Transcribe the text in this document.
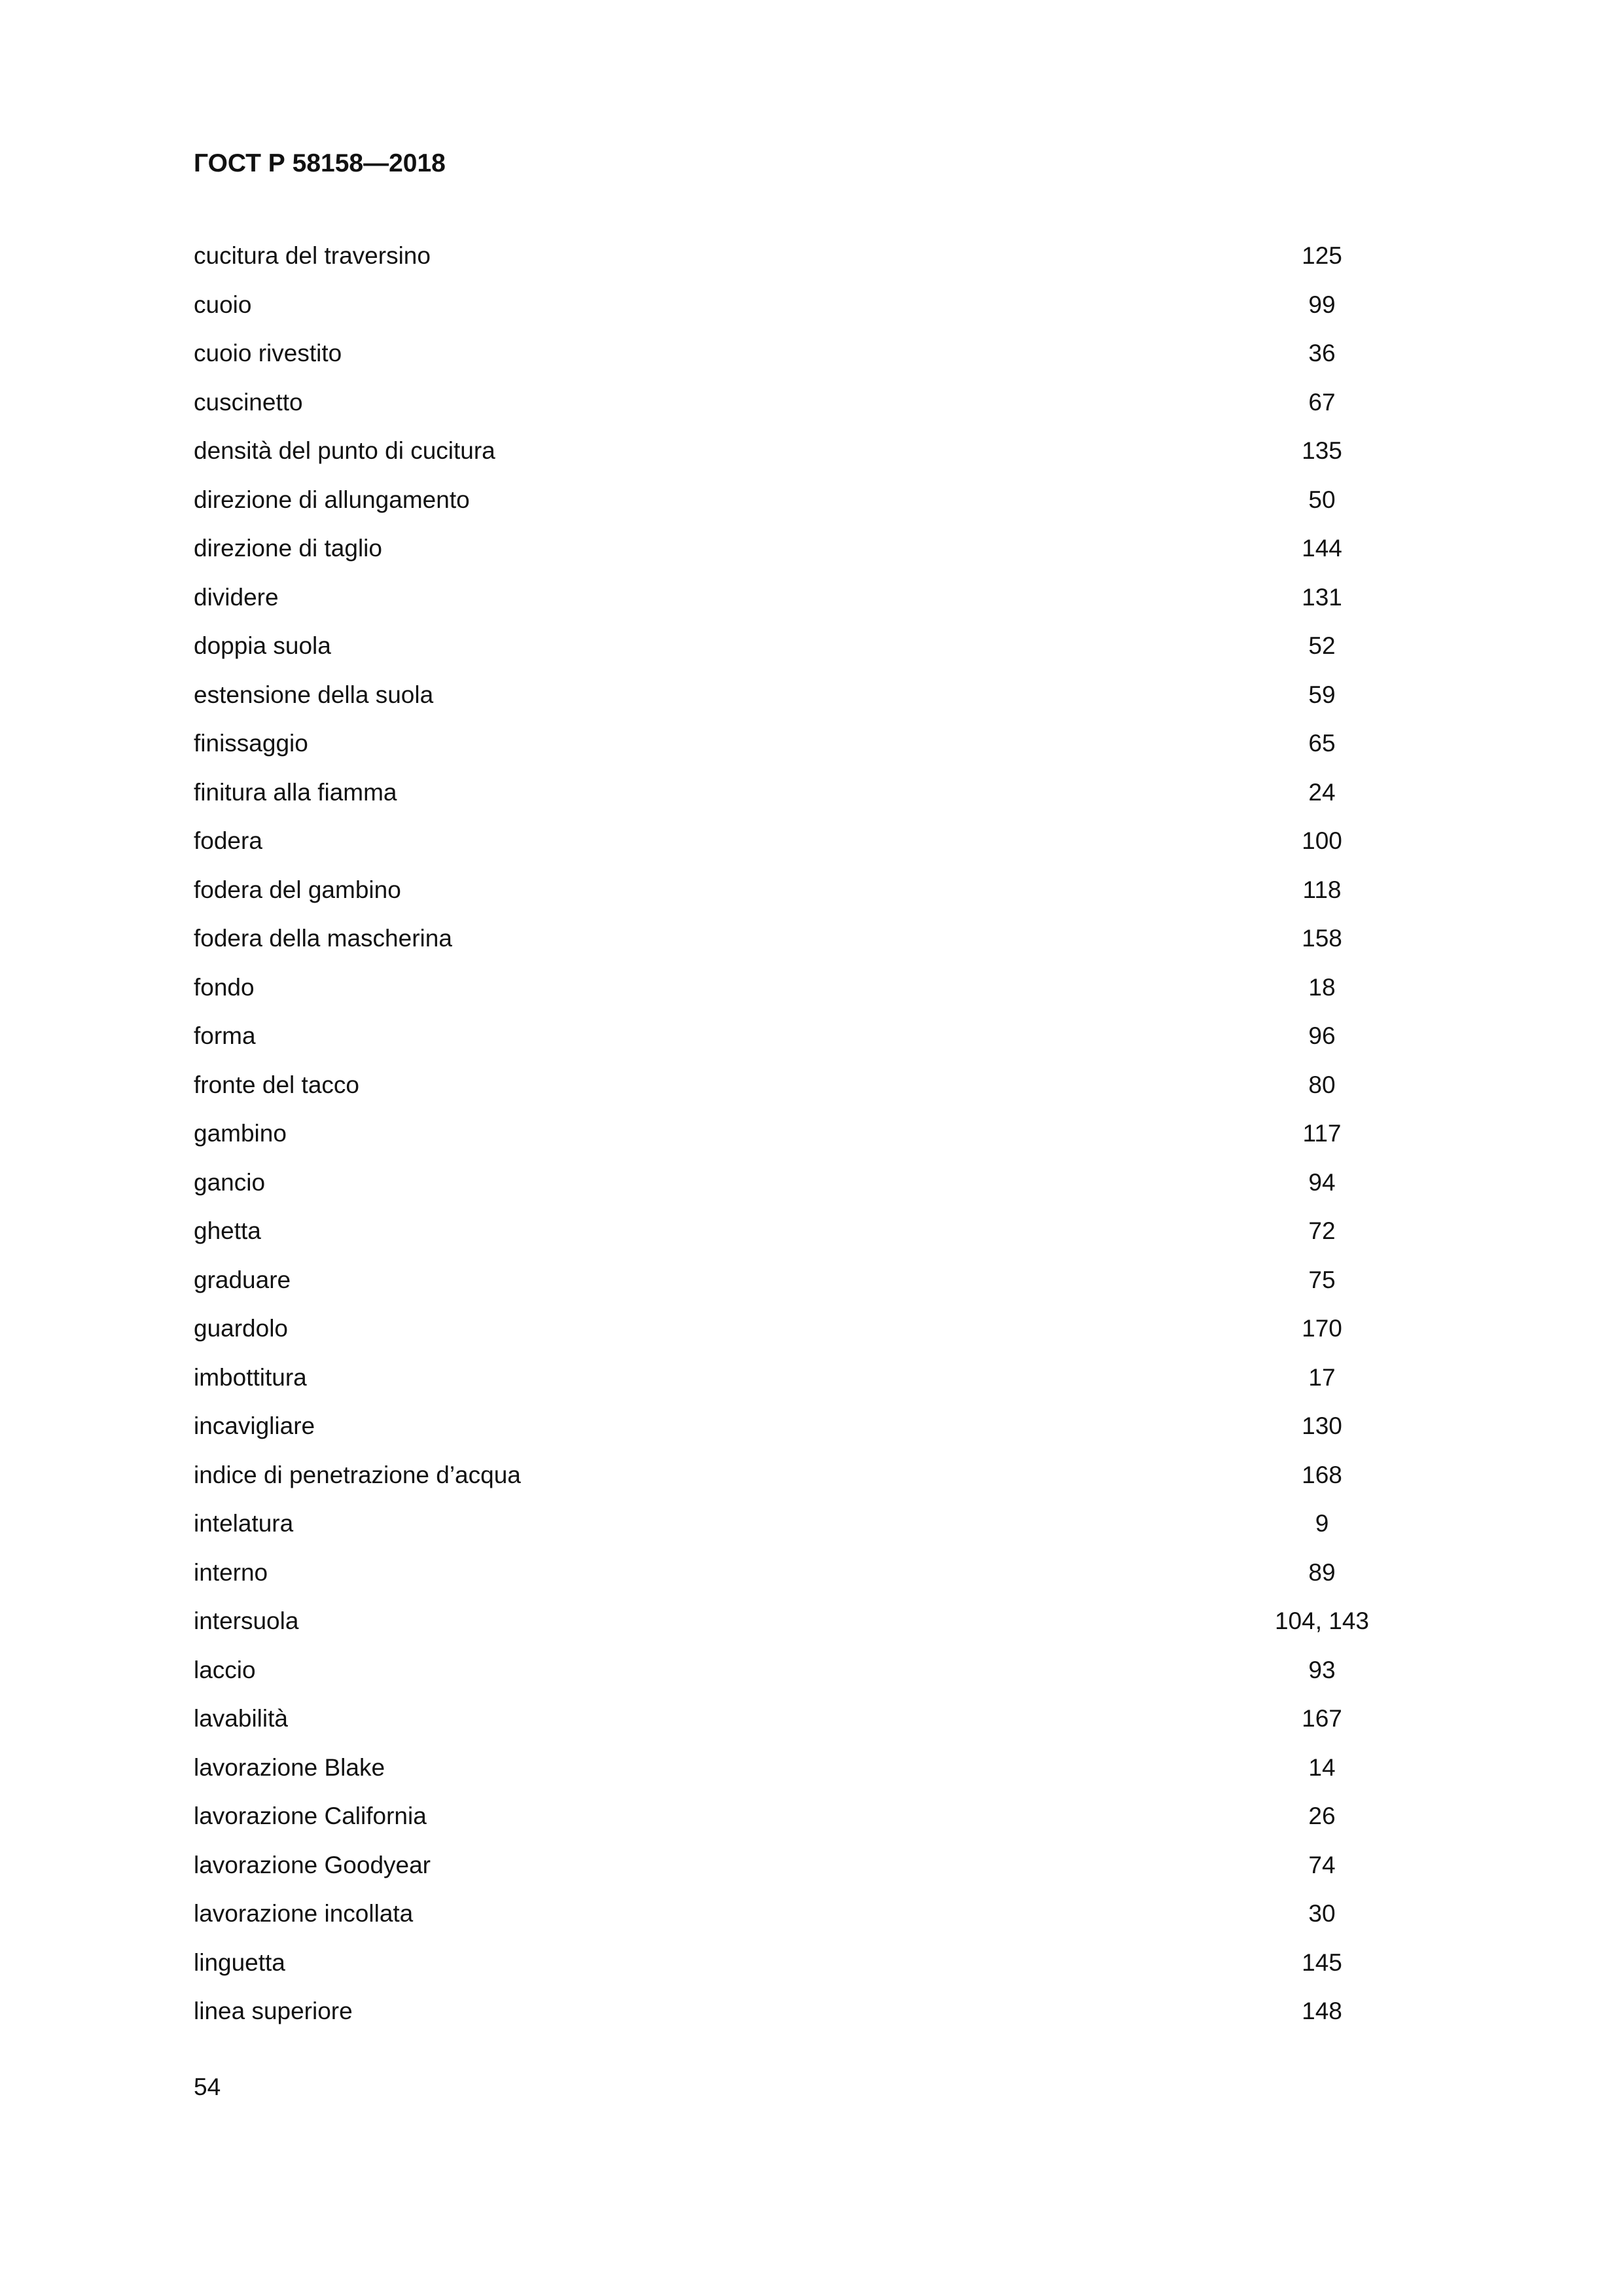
ГОСТ Р 58158—2018
cucitura del traversino	125
cuoio	99
cuoio rivestito	36
cuscinetto	67
densità del punto di cucitura	135
direzione di allungamento	50
direzione di taglio	144
dividere	131
doppia suola	52
estensione della suola	59
finissaggio	65
finitura alla fiamma	24
fodera	100
fodera del gambino	118
fodera della mascherina	158
fondo	18
forma	96
fronte del tacco	80
gambino	117
gancio	94
ghetta	72
graduare	75
guardolo	170
imbottitura	17
incavigliare	130
indice di penetrazione d’acqua	168
intelatura	9
interno	89
intersuola	104, 143
laccio	93
lavabilità	167
lavorazione Blake	14
lavorazione California	26
lavorazione Goodyear	74
lavorazione incollata	30
linguetta	145
linea superiore	148
54
